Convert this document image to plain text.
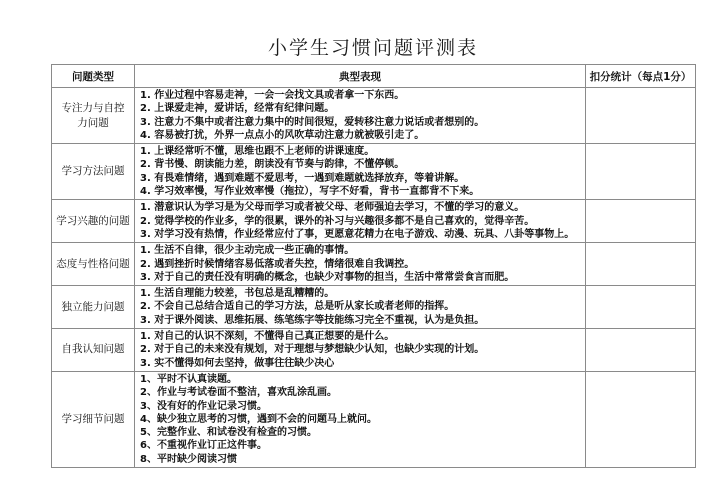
小学生习惯问题评测表
问题类型	典型表现	扣分统计（每点1分）
专注力与自控力问题	1. 作业过程中容易走神，一会一会找文具或者拿一下东西。
2. 上课爱走神，爱讲话，经常有纪律问题。
3. 注意力不集中或者注意力集中的时间很短，爱转移注意力说话或者想别的。
4. 容易被打扰，外界一点点小的风吹草动注意力就被吸引走了。	

学习方法问题	1. 上课经常听不懂，思维也跟不上老师的讲课速度。
2. 背书慢、朗读能力差，朗读没有节奏与韵律，不懂停顿。
3. 有畏难情绪，遇到难题不爱思考，一遇到难题就选择放弃，等着讲解。
4. 学习效率慢，写作业效率慢（拖拉），写字不好看，背书一直都背不下来。	

学习兴趣的问题	1. 潜意识认为学习是为父母而学习或者被父母、老师强迫去学习，不懂的学习的意义。
2. 觉得学校的作业多，学的很累，课外的补习与兴趣很多都不是自己喜欢的，觉得辛苦。
3. 对学习没有热情，作业经常应付了事，更愿意花精力在电子游戏、动漫、玩具、八卦等事物上。	

态度与性格问题	1. 生活不自律，很少主动完成一些正确的事情。
2. 遇到挫折时候情绪容易低落或者失控，情绪很难自我调控。
3. 对于自己的责任没有明确的概念，也缺少对事物的担当，生活中常常尝食言而肥。	

独立能力问题	1. 生活自理能力较差，书包总是乱糟糟的。
2. 不会自己总结合适自己的学习方法，总是听从家长或者老师的指挥。
3. 对于课外阅读、思维拓展、练笔练字等技能练习完全不重视，认为是负担。	

自我认知问题	1. 对自己的认识不深刻，不懂得自己真正想要的是什么。
2. 对于自己的未来没有规划，对于理想与梦想缺少认知，也缺少实现的计划。
3. 实不懂得如何去坚持，做事往往缺少决心	

学习细节问题	
1、平时不认真读题。
2、作业与考试卷面不整洁，喜欢乱涂乱画。
3、没有好的作业记录习惯。
4、缺少独立思考的习惯，遇到不会的问题马上就问。
5、完整作业、和试卷没有检查的习惯。
6、不重视作业订正这件事。
8、平时缺少阅读习惯
